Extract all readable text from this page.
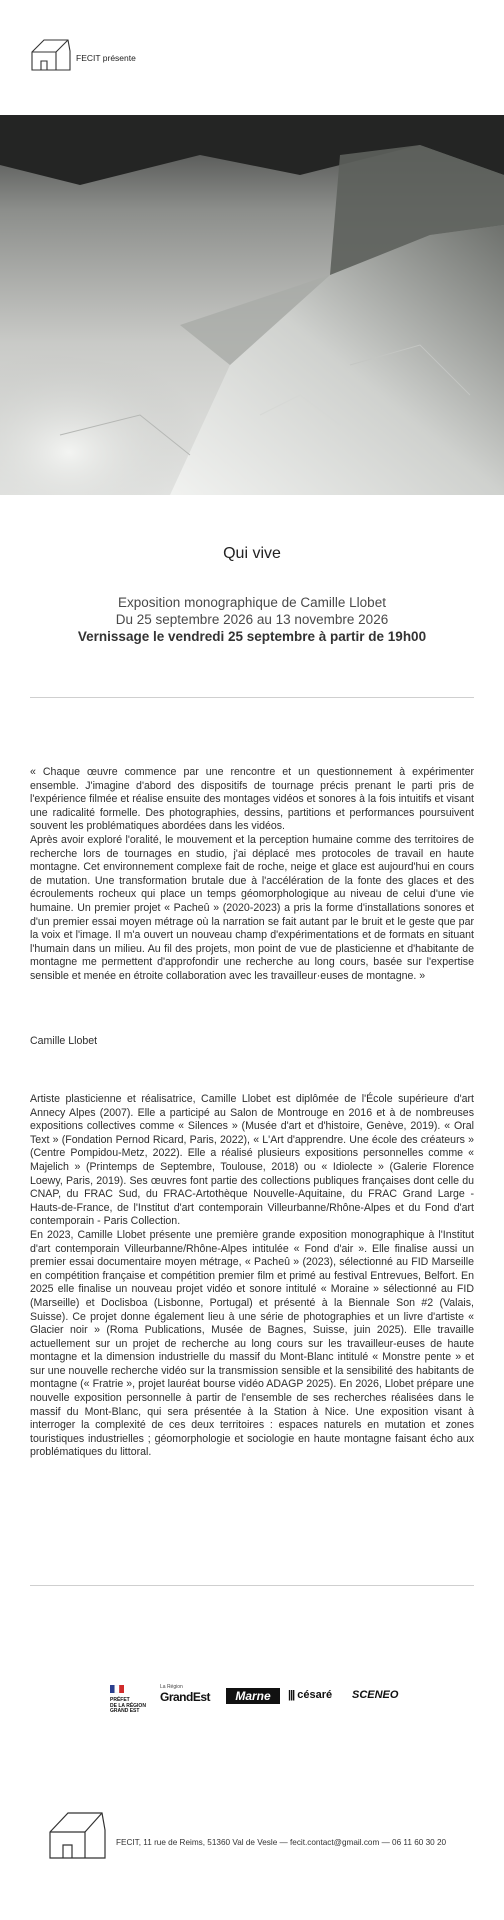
FECIT présente
Qui vive
Exposition monographique de Camille Llobet
Du 25 septembre 2026 au 13 novembre 2026
Vernissage le vendredi 25 septembre à partir de 19h00

« Chaque œuvre commence par une rencontre et un questionnement à expérimenter ensemble. J'imagine d'abord des dispositifs de tournage précis prenant le parti pris de l'expérience filmée et réalise ensuite des montages vidéos et sonores à la fois intuitifs et visant une radicalité formelle. Des photographies, dessins, partitions et performances poursuivent souvent les problématiques abordées dans les vidéos.

Après avoir exploré l'oralité, le mouvement et la perception humaine comme des territoires de recherche lors de tournages en studio, j'ai déplacé mes protocoles de travail en haute montagne. Cet environnement complexe fait de roche, neige et glace est aujourd'hui en cours de mutation. Une transformation brutale due à l'accélération de la fonte des glaces et des écroulements rocheux qui place un temps géomorphologique au niveau de celui d'une vie humaine. Un premier projet « Pacheû » (2020-2023) a pris la forme d'installations sonores et d'un premier essai moyen métrage où la narration se fait autant par le bruit et le geste que par la voix et l'image. Il m'a ouvert un nouveau champ d'expérimentations et de formats en situant l'humain dans un milieu. Au fil des projets, mon point de vue de plasticienne et d'habitante de montagne me permettent d'approfondir une recherche au long cours, basée sur l'expertise sensible et menée en étroite collaboration avec les travailleur·euses de montagne. »

Camille Llobet

Artiste plasticienne et réalisatrice, Camille Llobet est diplômée de l'École supérieure d'art Annecy Alpes (2007). Elle a participé au Salon de Montrouge en 2016 et à de nombreuses expositions collectives comme « Silences » (Musée d'art et d'histoire, Genève, 2019). « Oral Text » (Fondation Pernod Ricard, Paris, 2022), « L'Art d'apprendre. Une école des créateurs » (Centre Pompidou-Metz, 2022). Elle a réalisé plusieurs expositions personnelles comme « Majelich » (Printemps de Septembre, Toulouse, 2018) ou « Idiolecte » (Galerie Florence Loewy, Paris, 2019). Ses œuvres font partie des collections publiques françaises dont celle du CNAP, du FRAC Sud, du FRAC-Artothèque Nouvelle-Aquitaine, du FRAC Grand Large - Hauts-de-France, de l'Institut d'art contemporain Villeurbanne/Rhône-Alpes et du Fond d'art contemporain - Paris Collection.

En 2023, Camille Llobet présente une première grande exposition monographique à l'Institut d'art contemporain Villeurbanne/Rhône-Alpes intitulée « Fond d'air ». Elle finalise aussi un premier essai documentaire moyen métrage, « Pacheû » (2023), sélectionné au FID Marseille en compétition française et compétition premier film et primé au festival Entrevues, Belfort. En 2025 elle finalise un nouveau projet vidéo et sonore intitulé « Moraine » sélectionné au FID (Marseille) et Doclisboa (Lisbonne, Portugal) et présenté à la Biennale Son #2 (Valais, Suisse). Ce projet donne également lieu à une série de photographies et un livre d'artiste « Glacier noir » (Roma Publications, Musée de Bagnes, Suisse, juin 2025). Elle travaille actuellement sur un projet de recherche au long cours sur les travailleur-euses de haute montagne et la dimension industrielle du massif du Mont-Blanc intitulé « Monstre pente » et sur une nouvelle recherche vidéo sur la transmission sensible et la sensibilité des habitants de montagne (« Fratrie », projet lauréat bourse vidéo ADAGP 2025). En 2026, Llobet prépare une nouvelle exposition personnelle à partir de l'ensemble de ses recherches réalisées dans le massif du Mont-Blanc, qui sera présentée à la Station à Nice. Une exposition visant à interroger la complexité de ces deux territoires : espaces naturels en mutation et zones touristiques industrielles ; géomorphologie et sociologie en haute montagne faisant écho aux problématiques du littoral.

PRÉFET
DE LA RÉGION
GRAND EST
La Région
GrandEst	Marne	||| césaré SCENEO
FECIT, 11 rue de Reims, 51360 Val de Vesle — fecit.contact@gmail.com — 06 11 60 30 20
